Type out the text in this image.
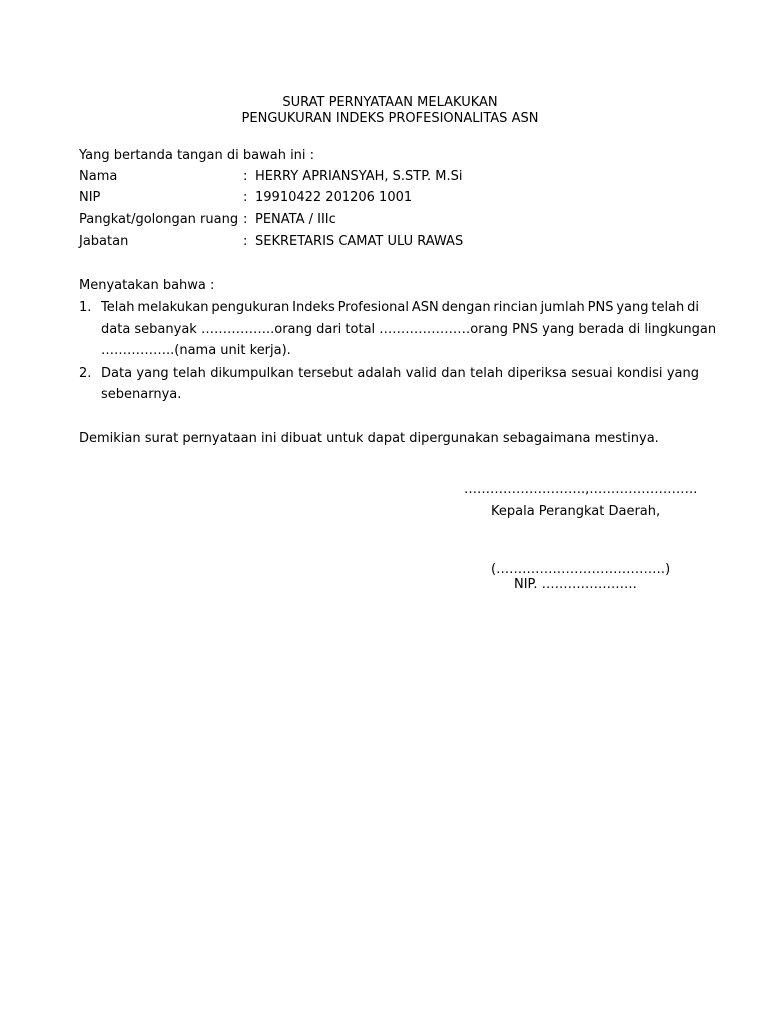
SURAT PERNYATAAN MELAKUKAN
PENGUKURAN INDEKS PROFESIONALITAS ASN
Yang bertanda tangan di bawah ini :
Nama	: HERRY APRIANSYAH, S.STP. M.Si
NIP	: 19910422 201206 1001
Pangkat/golongan ruang : PENATA / IIIc
Jabatan	: SEKRETARIS CAMAT ULU RAWAS
Menyatakan bahwa :
1. Telah melakukan pengukuran Indeks Profesional ASN dengan rincian jumlah PNS yang telah di
data sebanyak …………….. orang dari total ………………… orang PNS yang berada di lingkungan
……………..(nama unit kerja).
2. Data yang telah dikumpulkan tersebut adalah valid dan telah diperiksa sesuai kondisi yang
sebenarnya.
Demikian surat pernyataan ini dibuat untuk dapat dipergunakan sebagaimana mestinya.
……………………….,…………………….
Kepala Perangkat Daerah,
(…………………………………)
NIP. ………………….
